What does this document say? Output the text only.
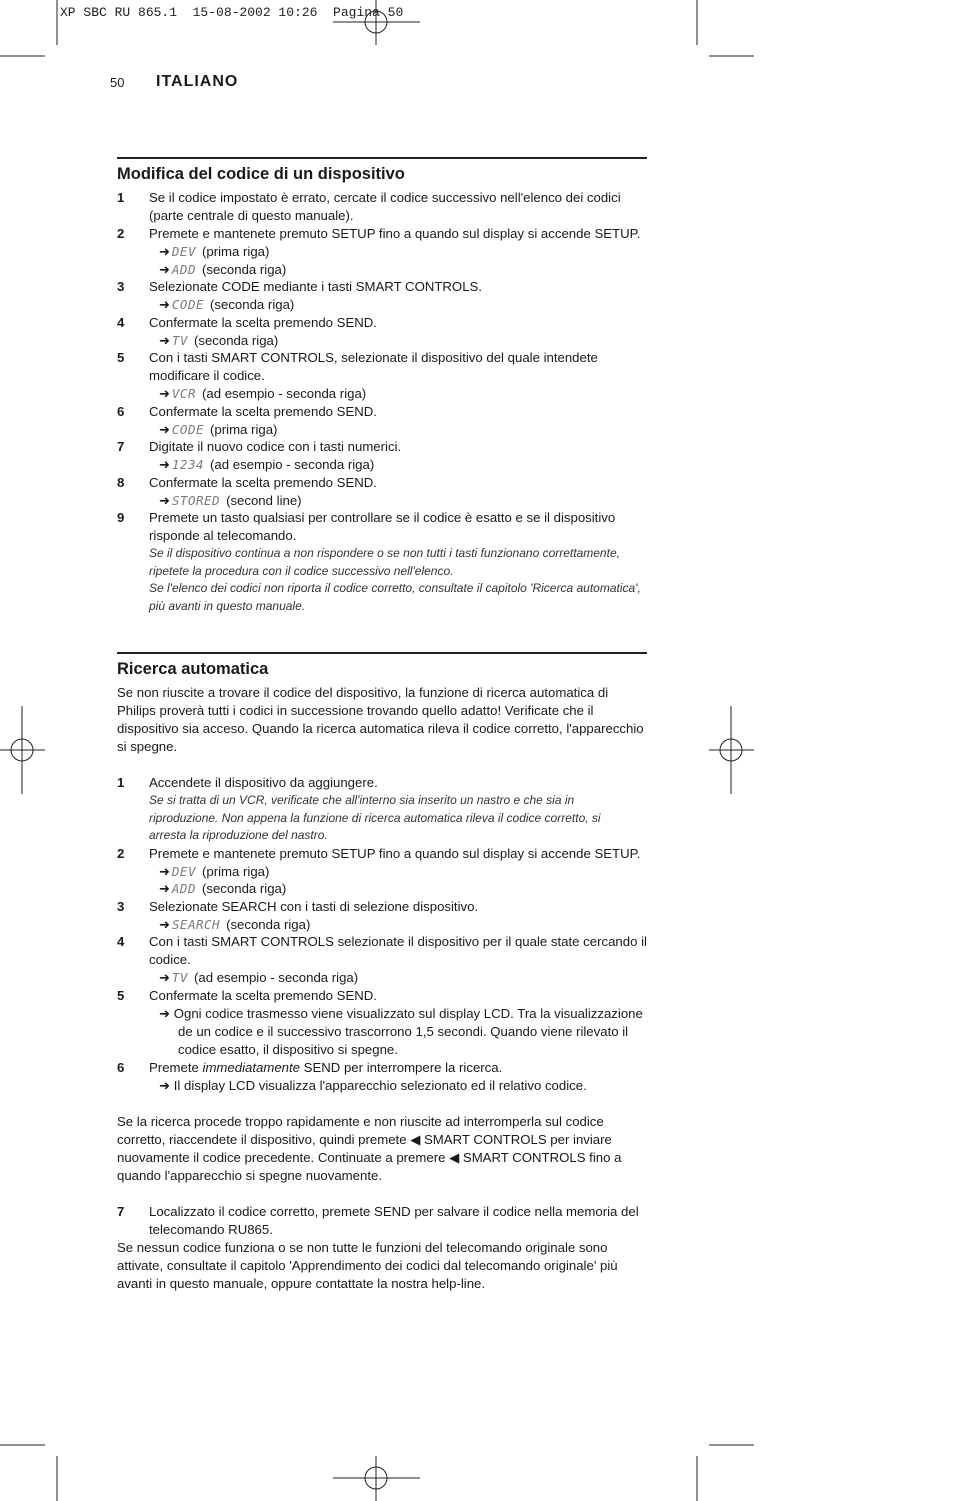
XP SBC RU 865.1  15-08-2002 10:26  Pagina 50
50 ITALIANO
Modifica del codice di un dispositivo
1 Se il codice impostato è errato, cercate il codice successivo nell'elenco dei codici (parte centrale di questo manuale).
2 Premete e mantenete premuto SETUP fino a quando sul display si accende SETUP.
➜ DEV (prima riga)
➜ ADD (seconda riga)
3 Selezionate CODE mediante i tasti SMART CONTROLS.
➜ CODE (seconda riga)
4 Confermate la scelta premendo SEND.
➜ TV (seconda riga)
5 Con i tasti SMART CONTROLS, selezionate il dispositivo del quale intendete modificare il codice.
➜ VCR (ad esempio - seconda riga)
6 Confermate la scelta premendo SEND.
➜ CODE (prima riga)
7 Digitate il nuovo codice con i tasti numerici.
➜ 1234 (ad esempio - seconda riga)
8 Confermate la scelta premendo SEND.
➜ STORED (second line)
9 Premete un tasto qualsiasi per controllare se il codice è esatto e se il dispositivo risponde al telecomando.
Se il dispositivo continua a non rispondere o se non tutti i tasti funzionano correttamente, ripetete la procedura con il codice successivo nell'elenco.
Se l'elenco dei codici non riporta il codice corretto, consultate il capitolo 'Ricerca automatica', più avanti in questo manuale.
Ricerca automatica
Se non riuscite a trovare il codice del dispositivo, la funzione di ricerca automatica di Philips proverà tutti i codici in successione trovando quello adatto! Verificate che il dispositivo sia acceso. Quando la ricerca automatica rileva il codice corretto, l'apparecchio si spegne.
1 Accendete il dispositivo da aggiungere.
Se si tratta di un VCR, verificate che all'interno sia inserito un nastro e che sia in riproduzione. Non appena la funzione di ricerca automatica rileva il codice corretto, si arresta la riproduzione del nastro.
2 Premete e mantenete premuto SETUP fino a quando sul display si accende SETUP.
➜ DEV (prima riga)
➜ ADD (seconda riga)
3 Selezionate SEARCH con i tasti di selezione dispositivo.
➜ SEARCH (seconda riga)
4 Con i tasti SMART CONTROLS selezionate il dispositivo per il quale state cercando il codice.
➜ TV (ad esempio - seconda riga)
5 Confermate la scelta premendo SEND.
➜ Ogni codice trasmesso viene visualizzato sul display LCD. Tra la visualizzazione de un codice e il successivo trascorrono 1,5 secondi. Quando viene rilevato il codice esatto, il dispositivo si spegne.
6 Premete immediatamente SEND per interrompere la ricerca.
➜ Il display LCD visualizza l'apparecchio selezionato ed il relativo codice.
Se la ricerca procede troppo rapidamente e non riuscite ad interromperla sul codice corretto, riaccendete il dispositivo, quindi premete ◀ SMART CONTROLS per inviare nuovamente il codice precedente. Continuate a premere ◀ SMART CONTROLS fino a quando l'apparecchio si spegne nuovamente.
7 Localizzato il codice corretto, premete SEND per salvare il codice nella memoria del telecomando RU865.
Se nessun codice funziona o se non tutte le funzioni del telecomando originale sono attivate, consultate il capitolo 'Apprendimento dei codici dal telecomando originale' più avanti in questo manuale, oppure contattate la nostra help-line.
